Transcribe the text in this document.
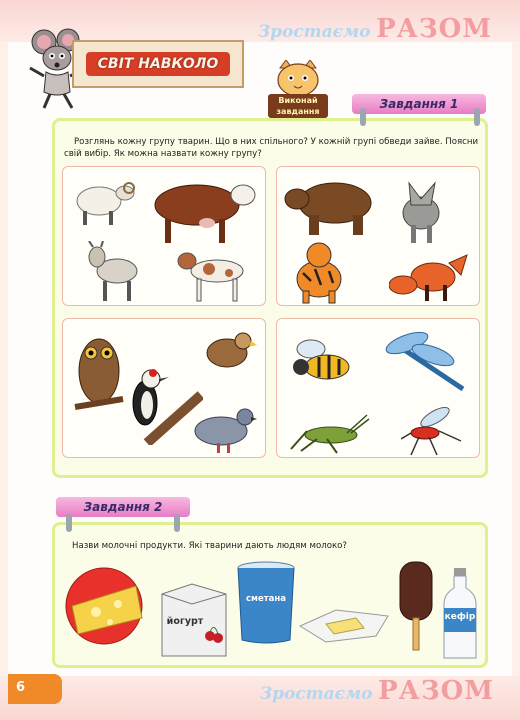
Зростаємо РАЗОМ
СВІТ НАВКОЛО
Виконай завдання
Завдання 1
Розглянь кожну групу тварин. Що в них спільного? У кожній групі обведи зайве. Поясни свій вибір. Як можна назвати кожну групу?
Завдання 2
Назви молочні продукти. Які тварини дають людям молоко?
йогурт
сметана
кефір
6	Зростаємо РАЗОМ
